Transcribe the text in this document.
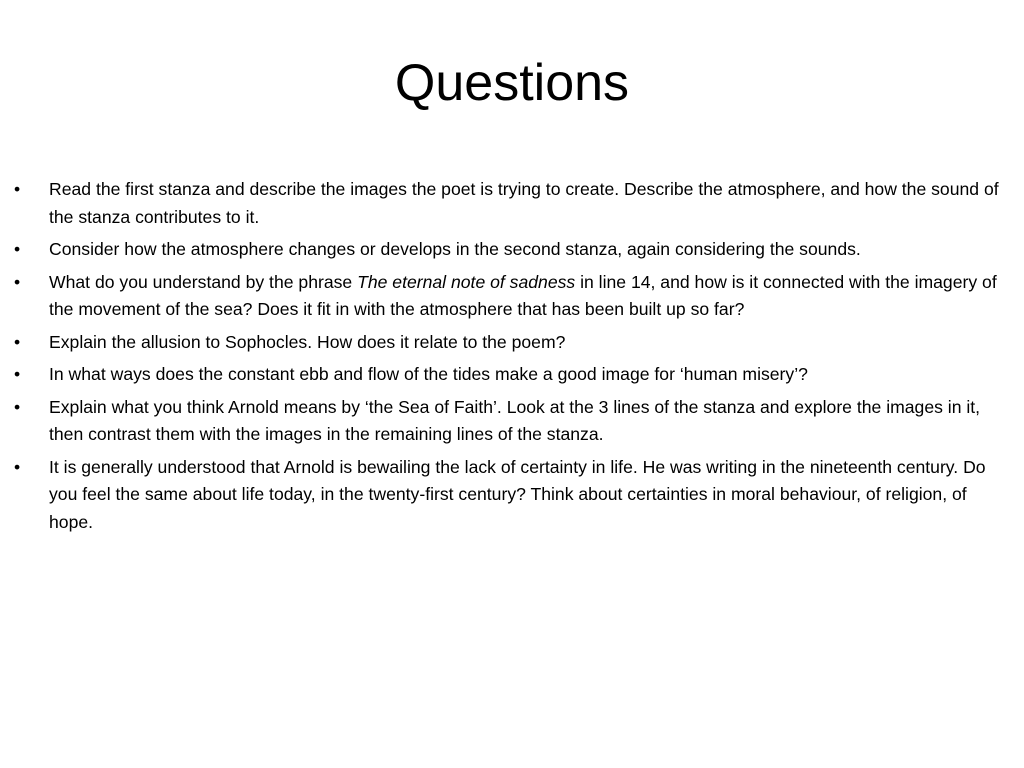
Questions
•	Read the first stanza and describe the images the poet is trying to create. Describe the atmosphere, and how the sound of the stanza contributes to it.
•	Consider how the atmosphere changes or develops in the second stanza, again considering the sounds.
•	What do you understand by the phrase The eternal note of sadness in line 14, and how is it connected with the imagery of the movement of the sea? Does it fit in with the atmosphere that has been built up so far?
•	Explain the allusion to Sophocles. How does it relate to the poem?
•	In what ways does the constant ebb and flow of the tides make a good image for ‘human misery’?
•	Explain what you think Arnold means by ‘the Sea of Faith’. Look at the 3 lines of the stanza and explore the images in it, then contrast them with the images in the remaining lines of the stanza.
•	It is generally understood that Arnold is bewailing the lack of certainty in life. He was writing in the nineteenth century. Do you feel the same about life today, in the twenty-first century? Think about certainties in moral behaviour, of religion, of hope.
